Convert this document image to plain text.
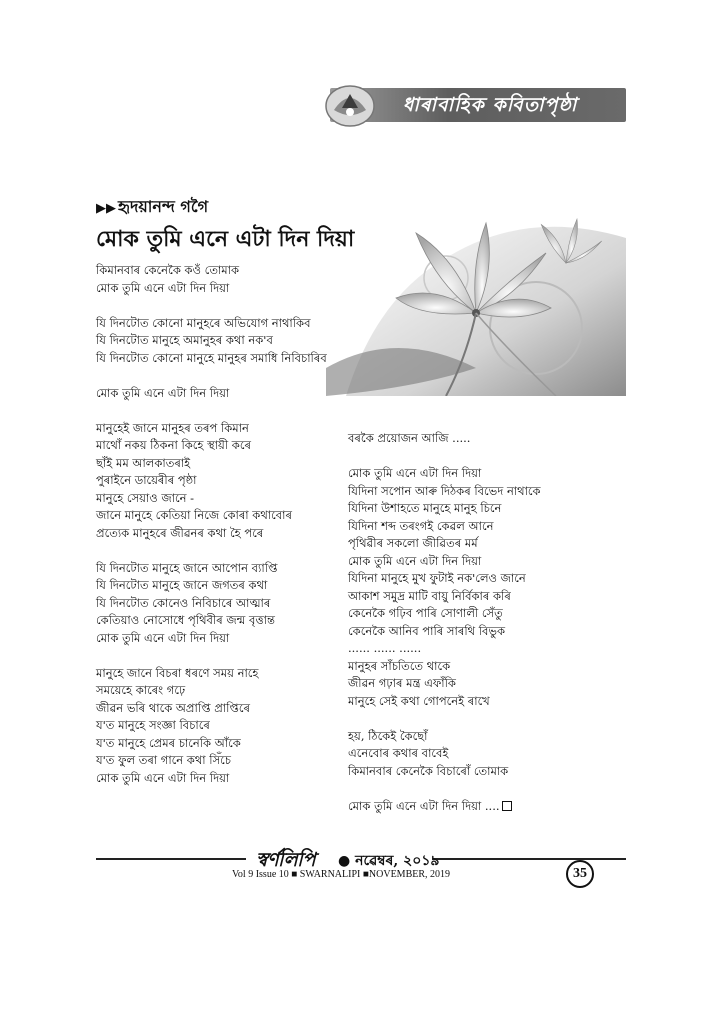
ধাৰাবাহিক কবিতাপৃষ্ঠা
▶▶ হৃদয়ানন্দ গগৈ
মোক তুমি এনে এটা দিন দিয়া
কিমানবাৰ কেনেকৈ কওঁ তোমাক
মোক তুমি এনে এটা দিন দিয়া
যি দিনটোত কোনো মানুহৰে অভিযোগ নাথাকিব
যি দিনটোত মানুহে অমানুহৰ কথা নক'ব
যি দিনটোত কোনো মানুহে মানুহৰ সমাধি নিবিচাৰিব
মোক তুমি এনে এটা দিন দিয়া
মানুহেই জানে মানুহৰ তৰপ কিমান
মাথোঁ নকয় ঠিকনা কিহে স্থায়ী কৰে
ছাঁই মম আলকাতৰাই
পুৰাইনে ডায়েৰীৰ পৃষ্ঠা
মানুহে সেয়াও জানে -
জানে মানুহে কেতিয়া নিজে কোৰা কথাবোৰ
প্ৰত্যেক মানুহৰে জীৱনৰ কথা হৈ পৰে
যি দিনটোত মানুহে জানে আপোন ব্যাপ্তি
যি দিনটোত মানুহে জানে জগতৰ কথা
যি দিনটোত কোনেও নিবিচাৰে আত্মাৰ
কেতিয়াও নোসোধে পৃথিবীৰ জন্ম বৃত্তান্ত
মোক তুমি এনে এটা দিন দিয়া
মানুহে জানে বিচৰা ধৰণে সময় নাহে
সময়েহে কাৰেং গঢ়ে
জীৱন ভৰি থাকে অপ্ৰাপ্তি প্ৰাপ্তিৰে
য'ত মানুহে সংজ্ঞা বিচাৰে
য'ত মানুহে প্ৰেমৰ চানেকি আঁকে
য'ত ফুল তৰা গানে কথা সিঁচে
মোক তুমি এনে এটা দিন দিয়া
বৰকৈ প্ৰয়োজন আজি .....
মোক তুমি এনে এটা দিন দিয়া
যিদিনা সপোন আৰু দিঠকৰ বিভেদ নাথাকে
যিদিনা উশাহতে মানুহে মানুহ চিনে
যিদিনা শব্দ তৰংগই কেৱল আনে
পৃথিৱীৰ সকলো জীৱিতৰ মৰ্ম
মোক তুমি এনে এটা দিন দিয়া
যিদিনা মানুহে মুখ ফুটাই নক'লেও জানে
আকাশ সমুদ্ৰ মাটি বায়ু নিৰ্বিকাৰ কৰি
কেনেকৈ গঢ়িব পাৰি সোণালী সেঁতু
কেনেকৈ আনিব পাৰি সাৰথি বিভুক
...... ...... ......
মানুহৰ সাঁচতিতে থাকে
জীৱন গঢ়াৰ মন্ত্ৰ এফাঁকি
মানুহে সেই কথা গোপনেই ৰাখে
হয়, ঠিকেই কৈছোঁ
এনেবোৰ কথাৰ বাবেই
কিমানবাৰ কেনেকৈ বিচাৰোঁ তোমাক
মোক তুমি এনে এটা দিন দিয়া ....
স্বৰ্ণলিপি ● নৱেম্বৰ, ২০১৯
Vol 9 Issue 10 ■ SWARNALIPI ■NOVEMBER, 2019	35
